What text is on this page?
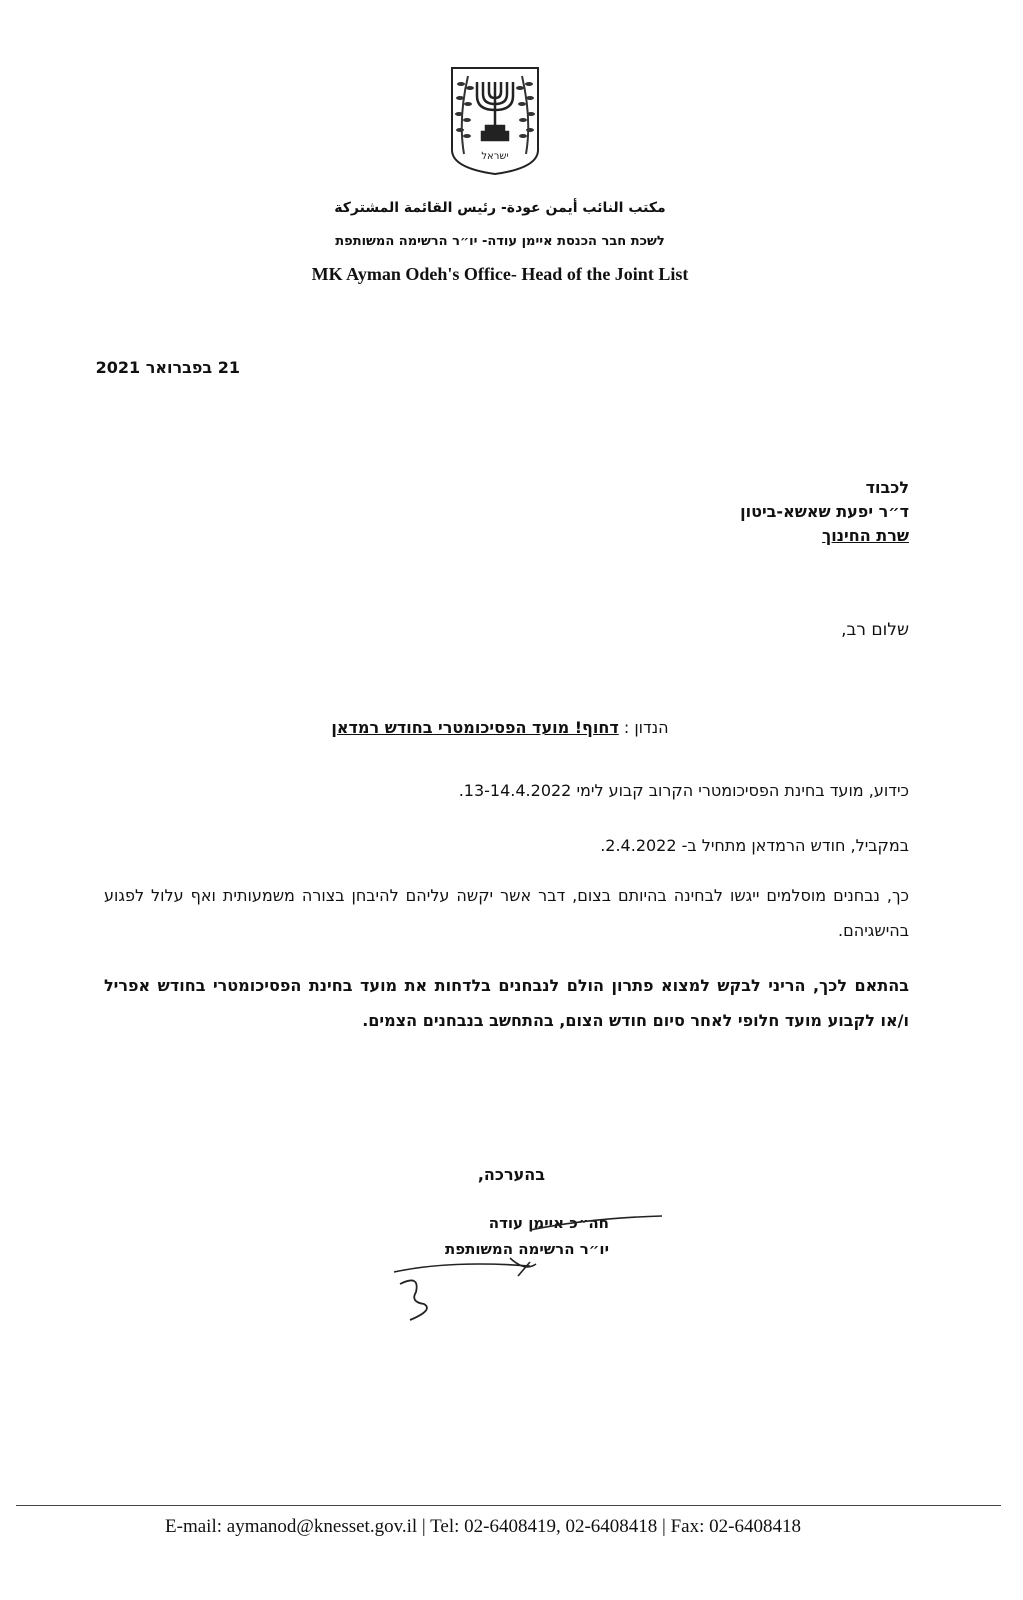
ישראל

مكتب النائب أيمن عودة- رئيس القائمة المشتركة

לשכת חבר הכנסת איימן עודה- יו״ר הרשימה המשותפת

MK Ayman Odeh's Office- Head of the Joint List

21 בפברואר 2021
לכבוד
ד״ר יפעת שאשא-ביטון
שרת החינוך
שלום רב,
הנדון : דחוף! מועד הפסיכומטרי בחודש רמדאן
כידוע, מועד בחינת הפסיכומטרי הקרוב קבוע לימי 13-14.4.2022.
במקביל, חודש הרמדאן מתחיל ב- 2.4.2022.
כך, נבחנים מוסלמים ייגשו לבחינה בהיותם בצום, דבר אשר יקשה עליהם להיבחן בצורה משמעותית ואף עלול לפגוע בהישגיהם.
בהתאם לכך, הריני לבקש למצוא פתרון הולם לנבחנים בלדחות את מועד בחינת הפסיכומטרי בחודש אפריל ו/או לקבוע מועד חלופי לאחר סיום חודש הצום, בהתחשב בנבחנים הצמים.
בהערכה,
חה״כ איימן עודה
יו״ר הרשימה המשותפת
E-mail: aymanod@knesset.gov.il | Tel: 02-6408419, 02-6408418 | Fax: 02-6408418
